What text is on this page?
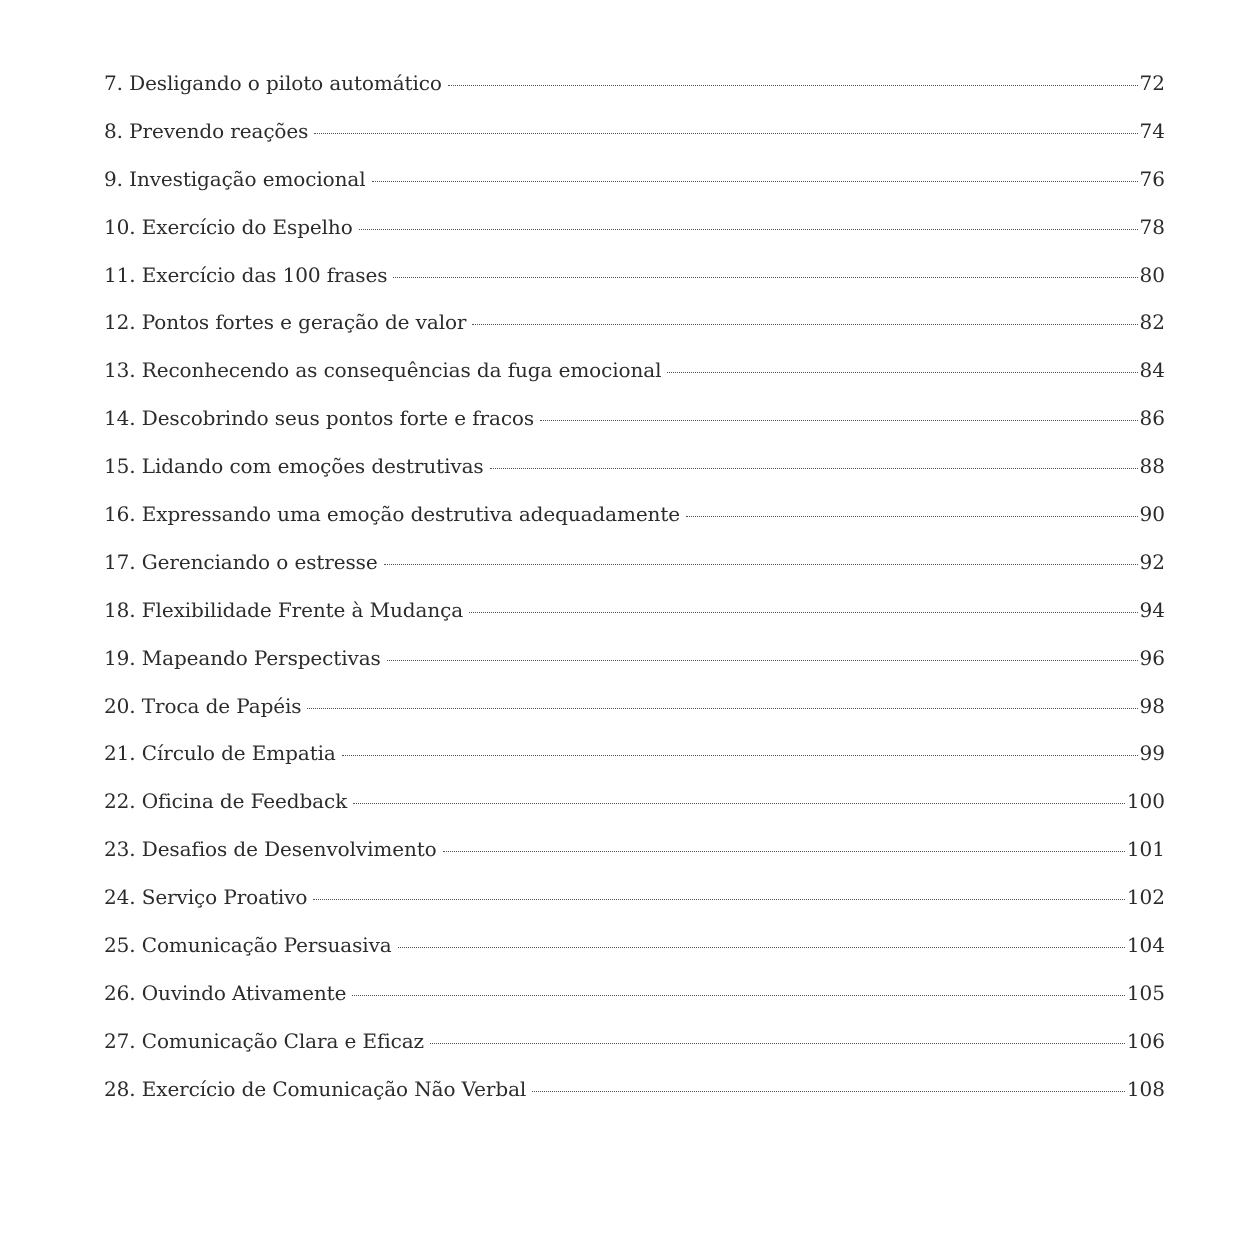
7. Desligando o piloto automático	72
8. Prevendo reações	74
9. Investigação emocional	76
10. Exercício do Espelho	78
11. Exercício das 100 frases	80
12. Pontos fortes e geração de valor	82
13. Reconhecendo as consequências da fuga emocional	84
14. Descobrindo seus pontos forte e fracos	86
15. Lidando com emoções destrutivas	88
16. Expressando uma emoção destrutiva adequadamente	90
17. Gerenciando o estresse	92
18. Flexibilidade Frente à Mudança	94
19. Mapeando Perspectivas	96
20. Troca de Papéis	98
21. Círculo de Empatia	99
22. Oficina de Feedback	100
23. Desafios de Desenvolvimento	101
24. Serviço Proativo	102
25. Comunicação Persuasiva	104
26. Ouvindo Ativamente	105
27. Comunicação Clara e Eficaz	106
28. Exercício de Comunicação Não Verbal	108
